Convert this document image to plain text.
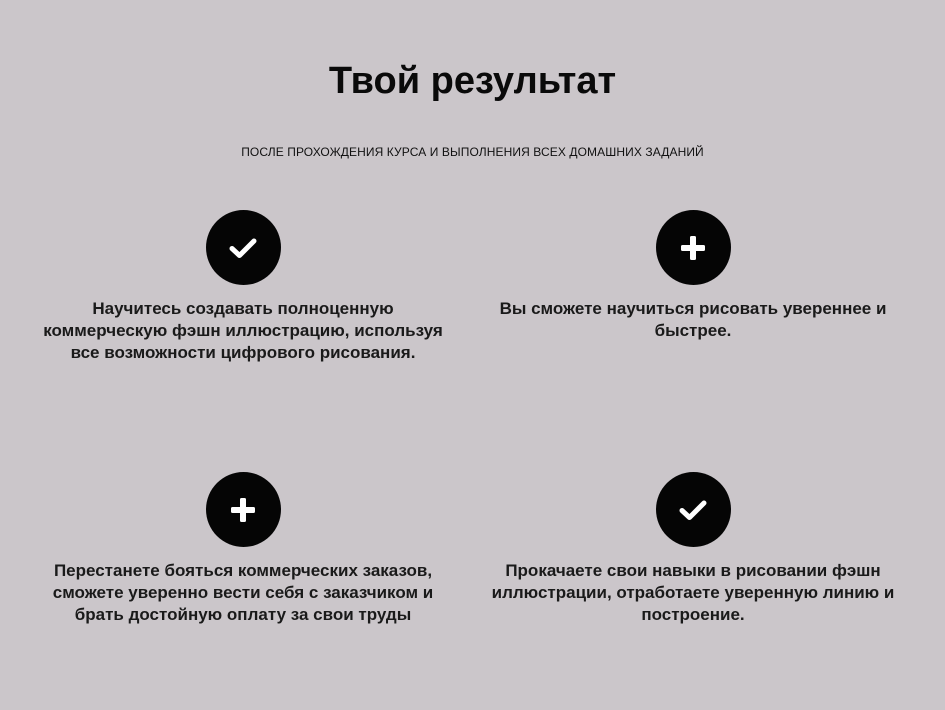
Твой результат

ПОСЛЕ ПРОХОЖДЕНИЯ КУРСА И ВЫПОЛНЕНИЯ ВСЕХ ДОМАШНИХ ЗАДАНИЙ

Научитесь создавать полноценную коммерческую фэшн иллюстрацию, используя все возможности цифрового рисования.
Вы сможете научиться рисовать увереннее и быстрее.
Перестанете бояться коммерческих заказов, сможете уверенно вести себя с заказчиком и брать достойную оплату за свои труды
Прокачаете свои навыки в рисовании фэшн иллюстрации, отработаете уверенную линию и построение.
